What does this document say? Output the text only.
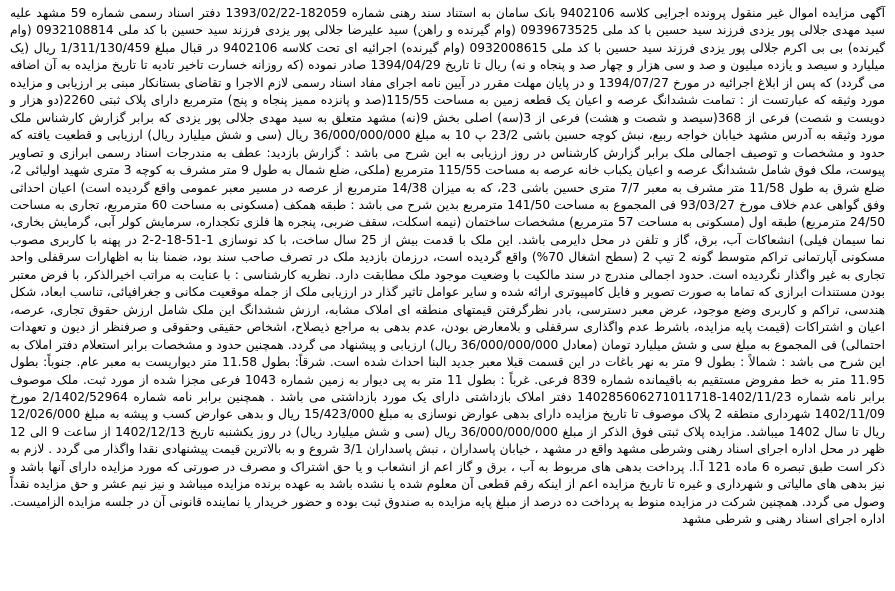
آگهی مزایده اموال غیر منقول پرونده اجرایی کلاسه 9402106 بانک سامان به استناد سند رهنی شماره 182059-1393/02/22 دفتر اسناد رسمی شماره 59 مشهد علیه سید مهدی جلالی پور یزدی فرزند سید حسین با کد ملی 0939673525 (وام گیرنده و راهن) سید علیرضا جلالی پور یزدی فرزند سید حسین با کد ملی 0932108814 (وام گیرنده) بی بی اکرم جلالی پور یزدی فرزند سید حسین با کد ملی 0932008615 (وام گیرنده) اجرائیه ای تحت کلاسه 9402106 در قبال مبلغ 1/311/130/459 ریال (یک میلیارد و سیصد و یازده میلیون و صد و سی هزار و چهار صد و پنجاه و نه) ریال تا تاریخ 1394/04/29 صادر نموده (که روزانه خسارت تاخیر تادیه تا تاریخ مزایده به آن اضافه می گردد) که پس از ابلاغ اجرائیه در مورخ 1394/07/27 و در پایان مهلت مقرر در آیین نامه اجرای مفاد اسناد رسمی لازم الاجرا و تقاضای بستانکار مبنی بر ارزیابی و مزایده مورد وثیقه که عبارتست از : تمامت ششدانگ عرصه و اعیان یک قطعه زمین به مساحت 115/55(صد و پانزده ممیز پنجاه و پنج) مترمربع دارای پلاک ثبتی 2260(دو هزار و دویست و شصت) فرعی از 368(سیصد و شصت و هشت) فرعی از 3(سه) اصلی بخش 9(نه) مشهد متعلق به سید مهدی جلالی پور یزدی که برابر گزارش کارشناس ملک مورد وثیقه به آدرس مشهد خیابان خواجه ربیع، نبش کوچه حسین باشی 23/2 پ 10 به مبلغ 36/000/000/000 ریال (سی و شش میلیارد ریال) ارزیابی و قطعیت یافته که حدود و مشخصات و توصیف اجمالی ملک برابر گزارش کارشناس در روز ارزیابی به این شرح می باشد : گزارش بازدید: عطف به مندرجات اسناد رسمی ابرازی و تصاویر پیوست، ملک فوق شامل ششدانگ عرصه و اعیان یکباب خانه عرصه به مساحت 115/55 مترمربع (ملکی، ضلع شمال به طول 9 متر مشرف به کوچه 3 متری شهید اولیائی 2، ضلع شرق به طول 11/58 متر مشرف به معبر 7/7 متری حسین باشی 23، که به میزان 14/38 مترمربع از عرصه در مسیر معبر عمومی واقع گردیده است) اعیان احداثی وفق گواهی عدم خلاف مورخ 93/03/27 فی المجموع به مساحت 141/50 مترمربع بدین شرح می باشد : طبقه همکف (مسکونی به مساحت 60 مترمربع، تجاری به مساحت 24/50 مترمربع) طبقه اول (مسکونی به مساحت 57 مترمربع) مشخصات ساختمان (نیمه اسکلت، سقف ضربی، پنجره ها فلزی تکجداره، سرمایش کولر آبی، گرمایش بخاری، نما سیمان فیلی) انشعاکات آب، برق، گاز و تلفن در محل دایرمی باشد. این ملک با قدمت بیش از 25 سال ساخت، با کد نوسازی 1-51-18-2-2 در پهنه با کاربری مصوب مسکونی آپارتمانی تراکم متوسط گونه 2 تیپ 2 (سطح اشغال 70%) واقع گردیده است، درزمان بازدید ملک در تصرف صاحب سند بود، ضمنا بنا به اظهارات سرقفلی واحد تجاری به غیر واگذار نگردیده است. حدود اجمالی مندرج در سند مالکیت با وضعیت موجود ملک مطابقت دارد. نظریه کارشناسی : با عنایت به مراتب اخیرالذکر، با فرض معتبر بودن مستندات ابرازی که تماما به صورت تصویر و فایل کامپیوتری ارائه شده و سایر عوامل تاثیر گذار در ارزیابی ملک از جمله موقعیت مکانی و جغرافیائی، تناسب ابعاد، شکل هندسی، تراکم و کاربری وضع موجود، عرض معبر دسترسی، بادر نظرگرفتن قیمتهای منطقه ای املاک مشابه، ارزش ششدانگ این ملک شامل ارزش حقوق تجاری، عرصه، اعیان و اشتراکات (قیمت پایه مزایده، باشرط عدم واگذاری سرقفلی و بلامعارض بودن، عدم بدهی به مراجع ذیصلاح، اشخاص حقیقی وحقوقی و صرفنظر از دیون و تعهدات احتمالی) فی المجموع به مبلغ سی و شش میلیارد تومان (معادل 36/000/000/000 ریال) ارزیابی و پیشنهاد می گردد. همچنین حدود و مشخصات برابر استعلام دفتر املاک به این شرح می باشد : شمالاً : بطول 9 متر به نهر باغات در این قسمت قبلا معبر جدید البنا احداث شده است. شرقاً: بطول 11.58 متر دیواریست به معبر عام. جنوباً: بطول 11.95 متر به خط مفروض مستقیم به باقیمانده شماره 839 فرعی. غرباً : بطول 11 متر به پی دیوار به زمین شماره 1043 فرعی مجزا شده از مورد ثبت. ملک موصوف برابر نامه شماره 1402/11/23-140285606271011718 دفتر املاک بازداشتی دارای یک مورد بازداشتی می باشد . همچنین برابر نامه شماره 2/1402/52964 مورخ 1402/11/09 شهرداری منطقه 2 پلاک موصوف تا تاریخ مزایده دارای بدهی عوارض نوسازی به مبلغ 15/423/000 ریال و بدهی عوارض کسب و پیشه به مبلغ 12/026/000 ریال تا سال 1402 میباشد. مزایده پلاک ثبتی فوق الذکر از مبلغ 36/000/000/000 ریال (سی و شش میلیارد ریال) در روز یکشنبه تاریخ 1402/12/13 از ساعت 9 الی 12 ظهر در محل اداره اجرای اسناد رهنی وشرطی مشهد واقع در مشهد ، خیابان پاسداران ، نبش پاسداران 3/1 شروع و به بالاترین قیمت پیشنهادی نقدا واگذار می گردد . لازم به ذکر است طبق تبصره 6 ماده 121 آ.ا. پرداخت بدهی های مربوط به آب ، برق و گاز اعم از انشعاب و یا حق اشتراک و مصرف در صورتی که مورد مزایده دارای آنها باشد و نیز بدهی های مالیاتی و شهرداری و غیره تا تاریخ مزایده اعم از اینکه رقم قطعی آن معلوم شده یا نشده باشد به عهده برنده مزایده میباشد و نیز نیم عشر و حق مزایده نقداً وصول می گردد. همچنین شرکت در مزایده منوط به پرداخت ده درصد از مبلغ پایه مزایده به صندوق ثبت بوده و حضور خریدار یا نماینده قانونی آن در جلسه مزایده الزامیست. اداره اجرای اسناد رهنی و شرطی مشهد
